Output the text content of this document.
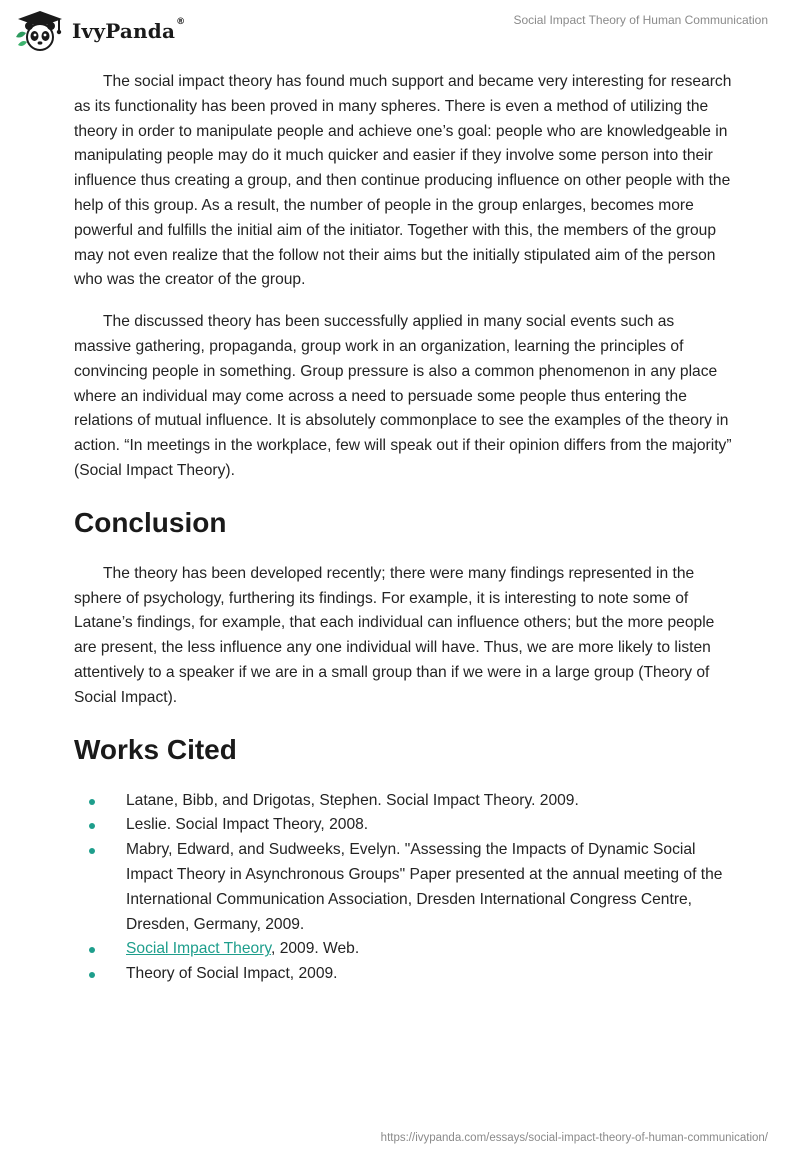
IvyPanda®	Social Impact Theory of Human Communication

The social impact theory has found much support and became very interesting for research as its functionality has been proved in many spheres. There is even a method of utilizing the theory in order to manipulate people and achieve one’s goal: people who are knowledgeable in manipulating people may do it much quicker and easier if they involve some person into their influence thus creating a group, and then continue producing influence on other people with the help of this group. As a result, the number of people in the group enlarges, becomes more powerful and fulfills the initial aim of the initiator. Together with this, the members of the group may not even realize that the follow not their aims but the initially stipulated aim of the person who was the creator of the group.

The discussed theory has been successfully applied in many social events such as massive gathering, propaganda, group work in an organization, learning the principles of convincing people in something. Group pressure is also a common phenomenon in any place where an individual may come across a need to persuade some people thus entering the relations of mutual influence. It is absolutely commonplace to see the examples of the theory in action. “In meetings in the workplace, few will speak out if their opinion differs from the majority” (Social Impact Theory).

Conclusion

The theory has been developed recently; there were many findings represented in the sphere of psychology, furthering its findings. For example, it is interesting to note some of Latane’s findings, for example, that each individual can influence others; but the more people are present, the less influence any one individual will have. Thus, we are more likely to listen attentively to a speaker if we are in a small group than if we were in a large group (Theory of Social Impact).

Works Cited
Latane, Bibb, and Drigotas, Stephen. Social Impact Theory. 2009.
Leslie. Social Impact Theory, 2008.
Mabry, Edward, and Sudweeks, Evelyn. "Assessing the Impacts of Dynamic Social Impact Theory in Asynchronous Groups" Paper presented at the annual meeting of the International Communication Association, Dresden International Congress Centre, Dresden, Germany, 2009.
Social Impact Theory, 2009. Web.
Theory of Social Impact, 2009.
https://ivypanda.com/essays/social-impact-theory-of-human-communication/
